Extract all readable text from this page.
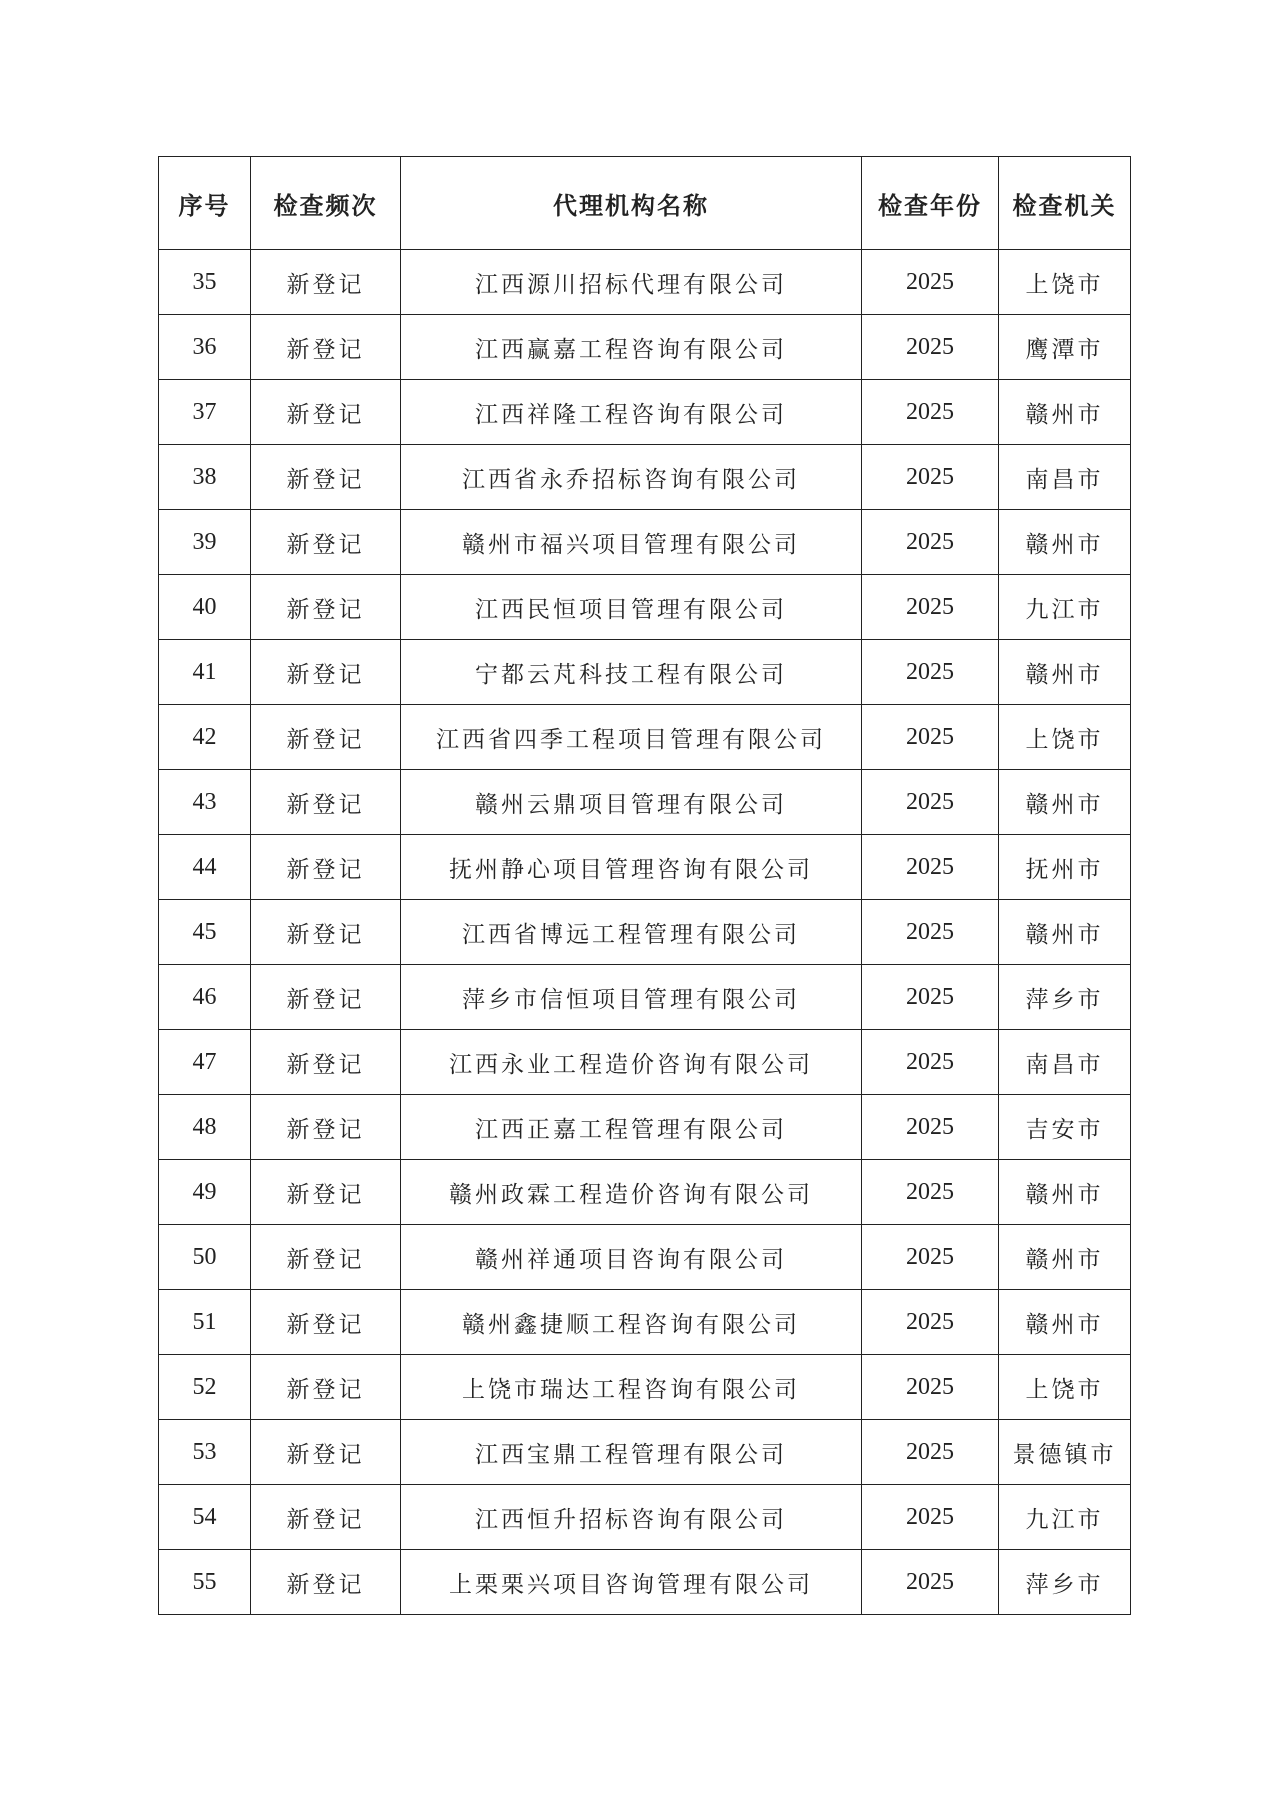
序号	检查频次	代理机构名称	检查年份	检查机关
35	新登记	江西源川招标代理有限公司	2025	上饶市
36	新登记	江西赢嘉工程咨询有限公司	2025	鹰潭市
37	新登记	江西祥隆工程咨询有限公司	2025	赣州市
38	新登记	江西省永乔招标咨询有限公司	2025	南昌市
39	新登记	赣州市福兴项目管理有限公司	2025	赣州市
40	新登记	江西民恒项目管理有限公司	2025	九江市
41	新登记	宁都云芃科技工程有限公司	2025	赣州市
42	新登记	江西省四季工程项目管理有限公司	2025	上饶市
43	新登记	赣州云鼎项目管理有限公司	2025	赣州市
44	新登记	抚州静心项目管理咨询有限公司	2025	抚州市
45	新登记	江西省博远工程管理有限公司	2025	赣州市
46	新登记	萍乡市信恒项目管理有限公司	2025	萍乡市
47	新登记	江西永业工程造价咨询有限公司	2025	南昌市
48	新登记	江西正嘉工程管理有限公司	2025	吉安市
49	新登记	赣州政霖工程造价咨询有限公司	2025	赣州市
50	新登记	赣州祥通项目咨询有限公司	2025	赣州市
51	新登记	赣州鑫捷顺工程咨询有限公司	2025	赣州市
52	新登记	上饶市瑞达工程咨询有限公司	2025	上饶市
53	新登记	江西宝鼎工程管理有限公司	2025	景德镇市
54	新登记	江西恒升招标咨询有限公司	2025	九江市
55	新登记	上栗栗兴项目咨询管理有限公司	2025	萍乡市
